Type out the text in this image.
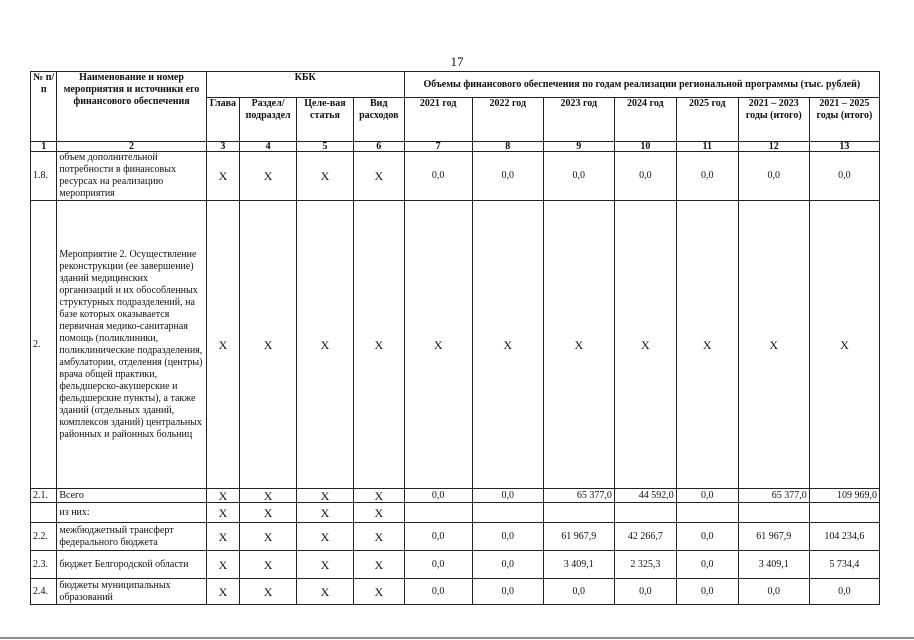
17
№ п/п	Наименование и номер мероприятия и источники его финансового обеспечения	КБК				Объемы финансового обеспечения по годам реализации региональной программы (тыс. рублей)						
		Глава	Раздел/ подраздел	Целе-вая статья	Вид расходов	2021 год	2022 год	2023 год	2024 год	2025 год	2021 – 2023 годы (итого)	2021 – 2025 годы (итого)
1	2	3	4	5	6	7	8	9	10	11	12	13
1.8.	объем дополнительной потребности в финансовых ресурсах на реализацию мероприятия	Х	Х	Х	Х	0,0	0,0	0,0	0,0	0,0	0,0	0,0
2.	Мероприятие 2. Осуществление реконструкции (ее завершение) зданий медицинских организаций и их обособленных структурных подразделений, на базе которых оказывается первичная медико-санитарная помощь (поликлиники, поликлинические подразделения, амбулатории, отделения (центры) врача общей практики, фельдшерско-акушерские и фельдшерские пункты), а также зданий (отдельных зданий, комплексов зданий) центральных районных и районных больниц	Х	Х	Х	Х	Х	Х	Х	Х	Х	Х	Х
2.1.	Всего	Х	Х	Х	Х	0,0	0,0	65 377,0	44 592,0	0,0	65 377,0	109 969,0
	из них:	Х	Х	Х	Х							
2.2.	межбюджетный трансферт федерального бюджета	Х	Х	Х	Х	0,0	0,0	61 967,9	42 266,7	0,0	61 967,9	104 234,6
2.3.	бюджет Белгородской области	Х	Х	Х	Х	0,0	0,0	3 409,1	2 325,3	0,0	3 409,1	5 734,4
2.4.	бюджеты муниципальных образований	Х	Х	Х	Х	0,0	0,0	0,0	0,0	0,0	0,0	0,0
